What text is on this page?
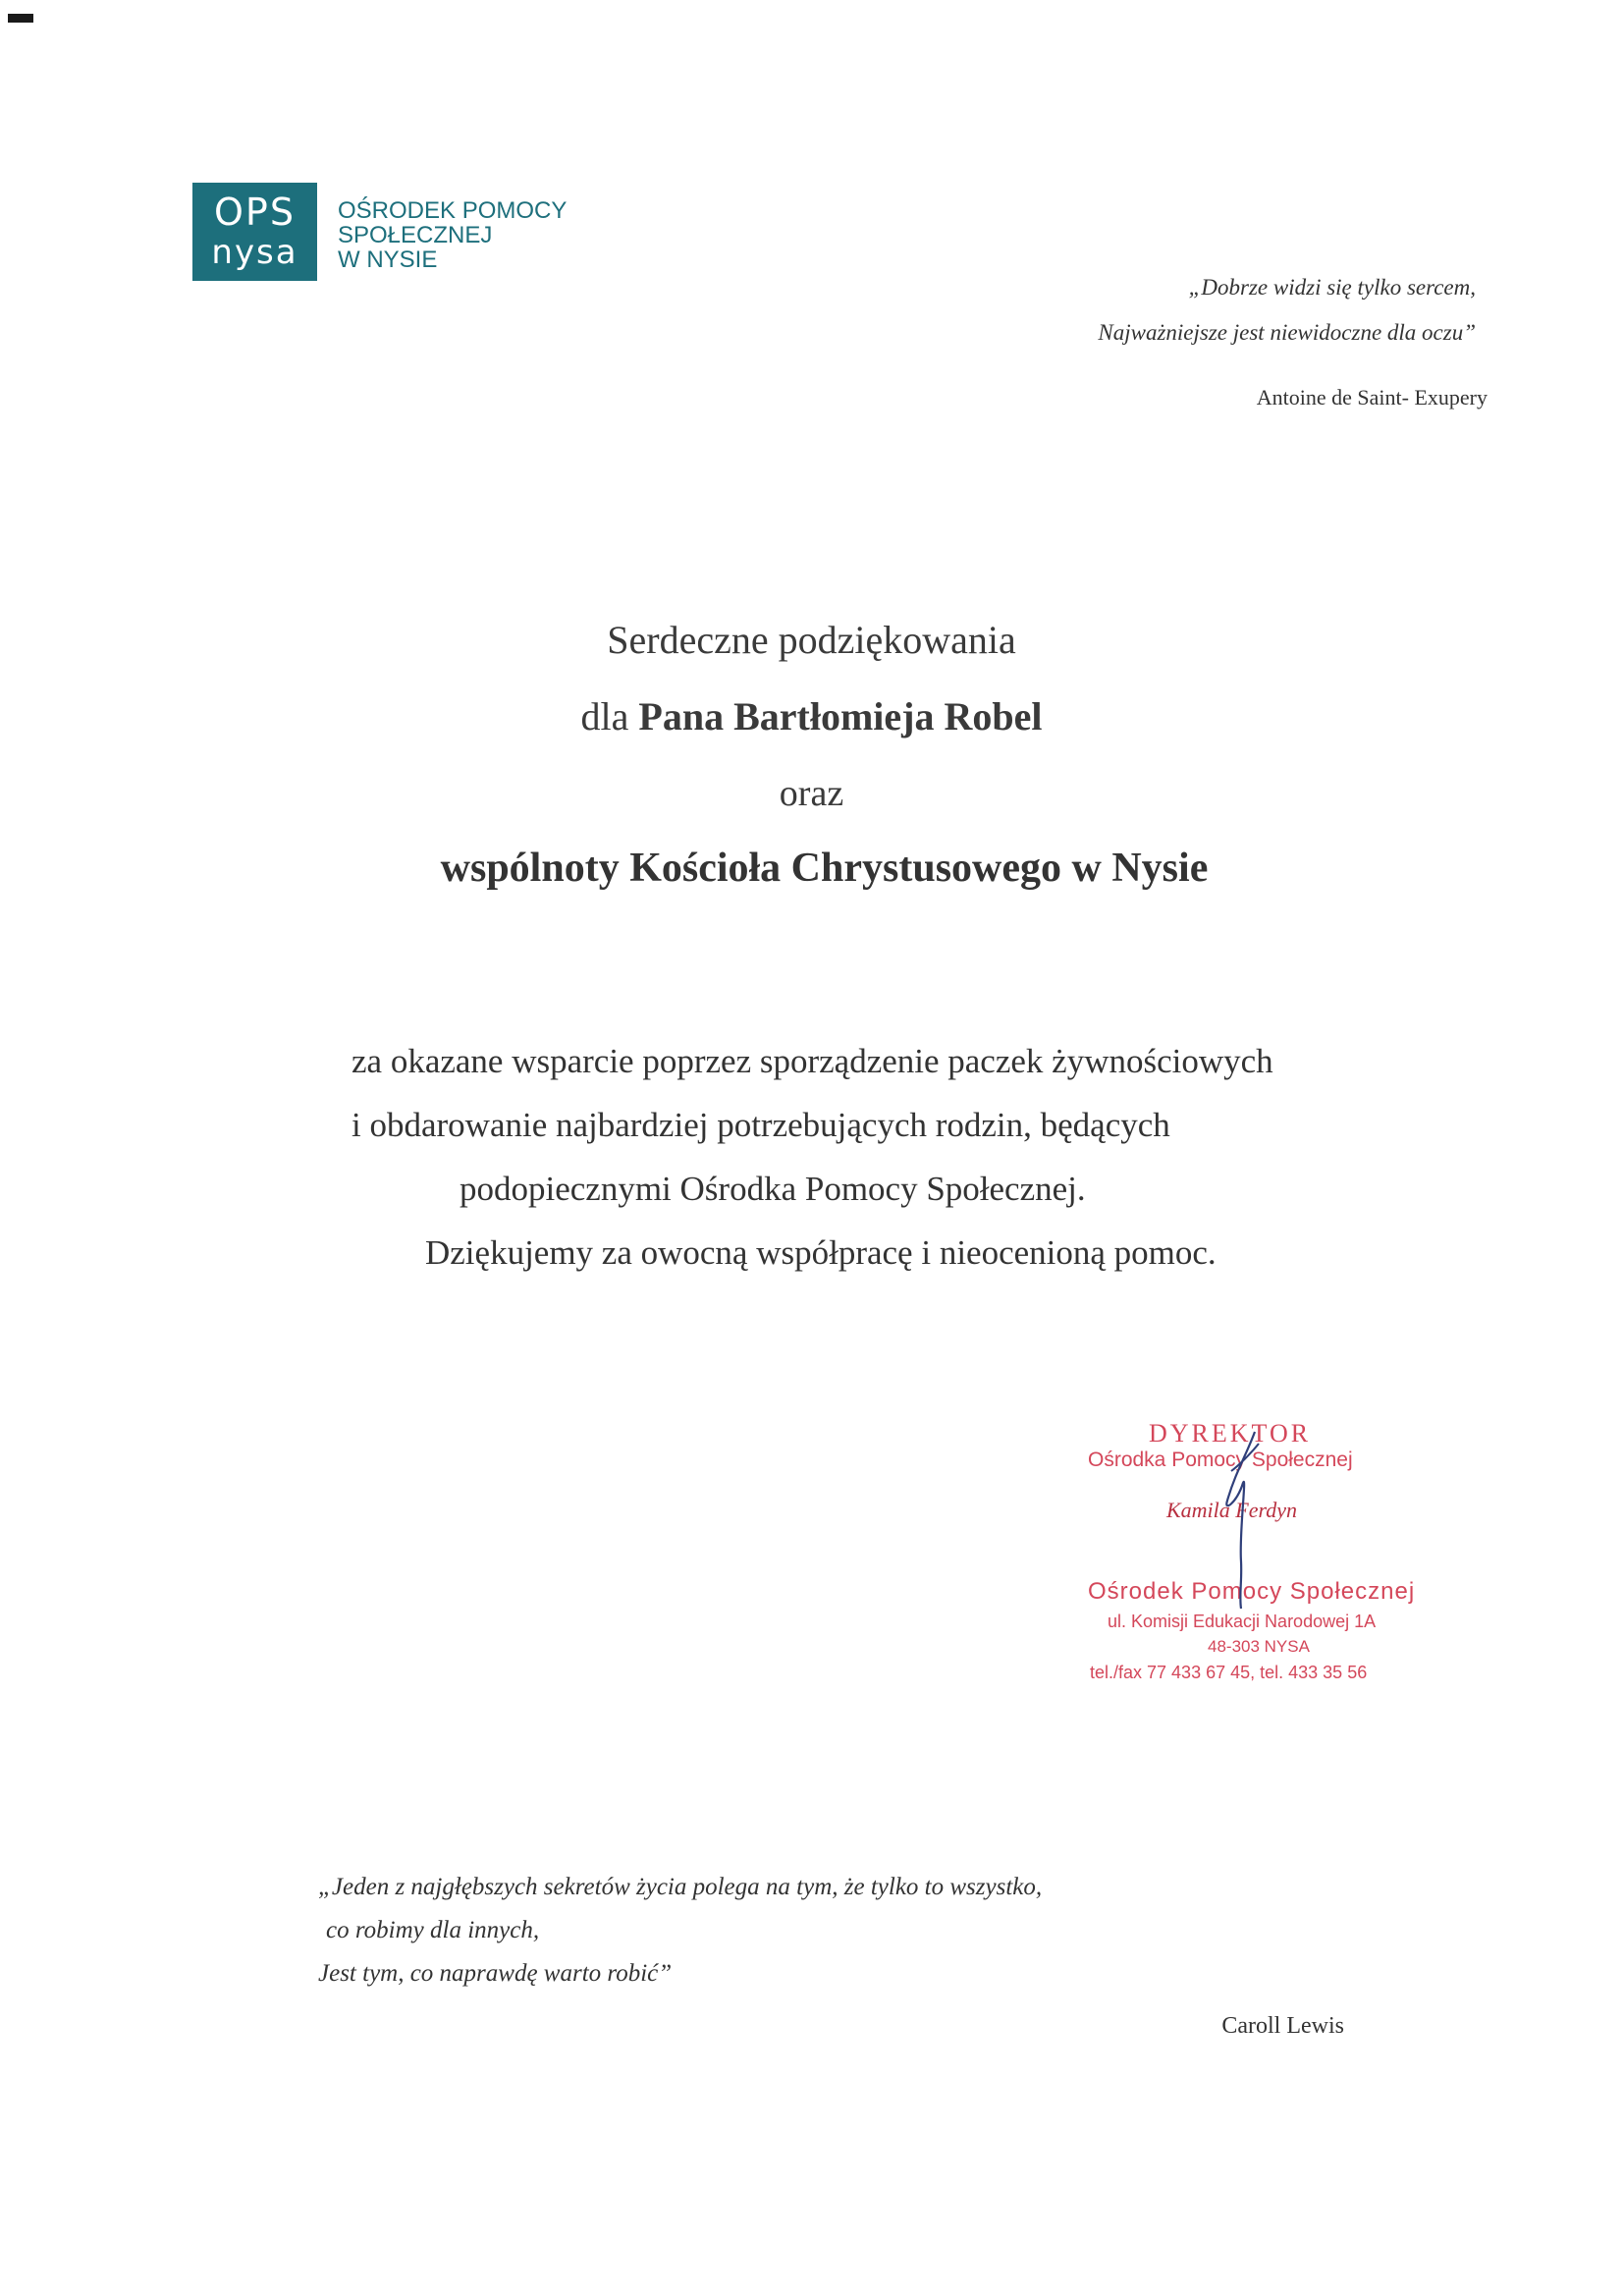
OPS
nysa
OŚRODEK POMOCY
SPOŁECZNEJ
W NYSIE
„Dobrze widzi się tylko sercem,
Najważniejsze jest niewidoczne dla oczu”
Antoine de Saint- Exupery
Serdeczne podziękowania
dla Pana Bartłomieja Robel
oraz
wspólnoty Kościoła Chrystusowego w Nysie
za okazane wsparcie poprzez sporządzenie paczek żywnościowych
i obdarowanie najbardziej potrzebujących rodzin, będących
podopiecznymi Ośrodka Pomocy Społecznej.
Dziękujemy za owocną współpracę i nieocenioną pomoc.
DYREKTOR
Ośrodka Pomocy Społecznej
Kamila Ferdyn
Ośrodek Pomocy Społecznej
ul. Komisji Edukacji Narodowej 1A
48-303 NYSA
tel./fax 77 433 67 45, tel. 433 35 56
„Jeden z najgłębszych sekretów życia polega na tym, że tylko to wszystko,
co robimy dla innych,
Jest tym, co naprawdę warto robić”
Caroll Lewis
